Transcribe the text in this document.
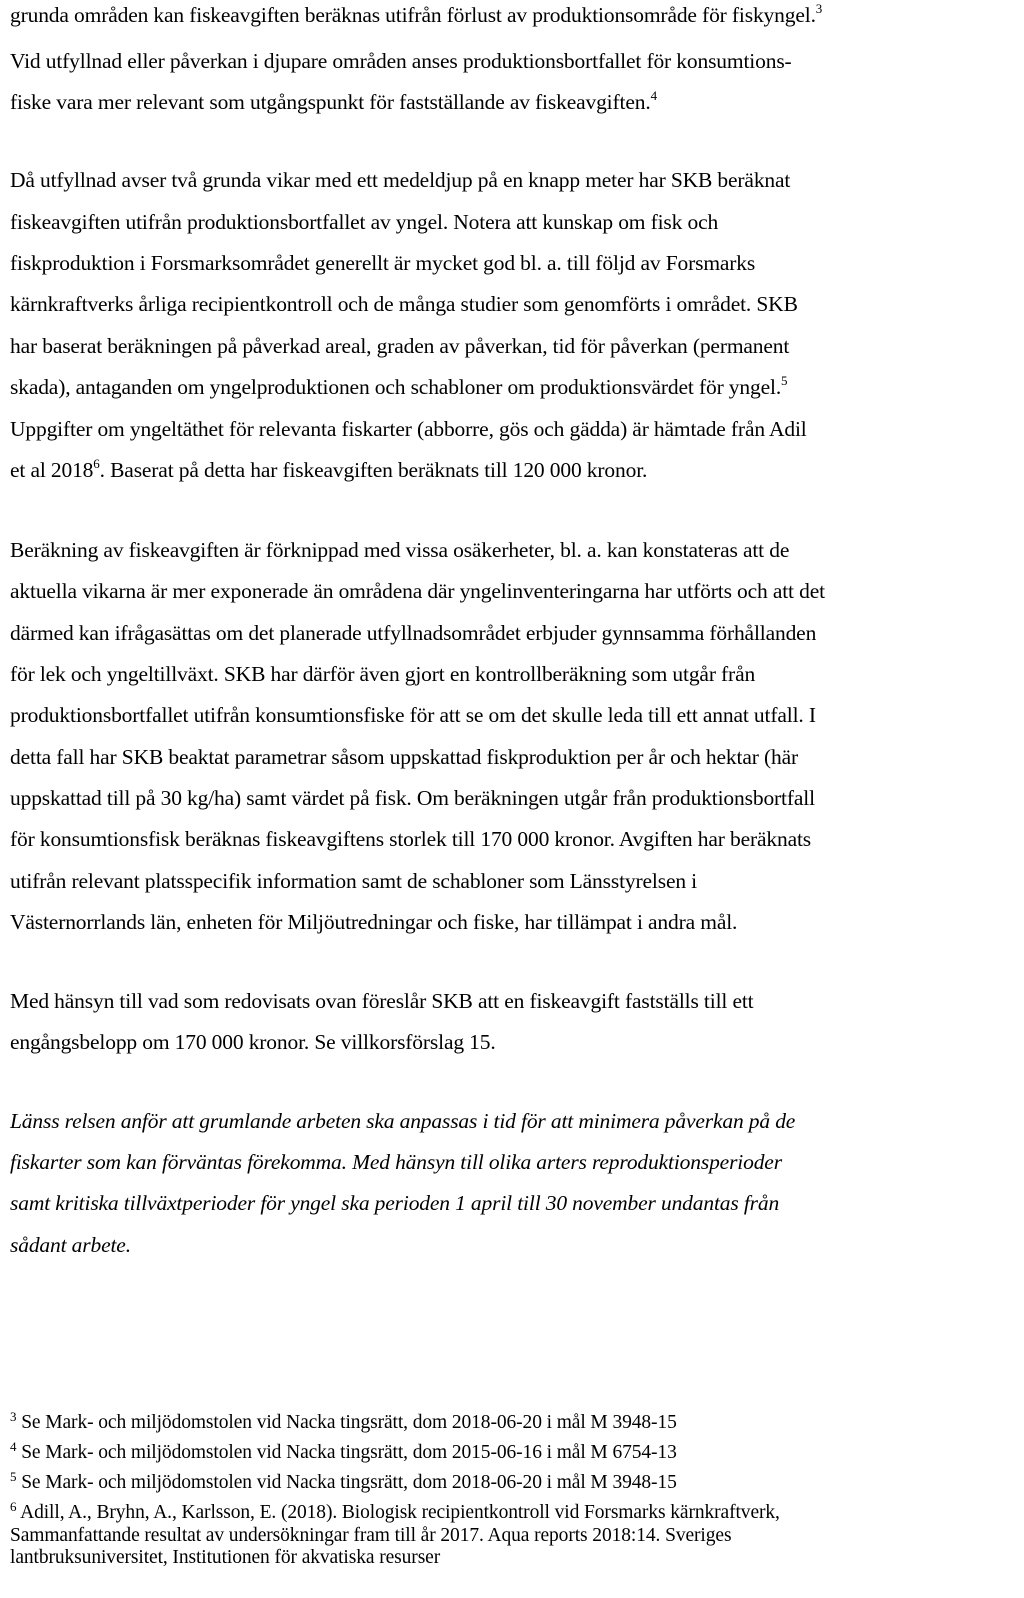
grunda områden kan fiskeavgiften beräknas utifrån förlust av produktionsområde för fiskyngel.$^3$
Vid utfyllnad eller påverkan i djupare områden anses produktionsbortfallet för konsumtions-
fiske vara mer relevant som utgångspunkt för fastställande av fiskeavgiften.$^4$
Då utfyllnad avser två grunda vikar med ett medeldjup på en knapp meter har SKB beräknat
fiskeavgiften utifrån produktionsbortfallet av yngel. Notera att kunskap om fisk och
fiskproduktion i Forsmarksområdet generellt är mycket god bl. a. till följd av Forsmarks
kärnkraftverks årliga recipientkontroll och de många studier som genomförts i området. SKB
har baserat beräkningen på påverkad areal, graden av påverkan, tid för påverkan (permanent
skada), antaganden om yngelproduktionen och schabloner om produktionsvärdet för yngel.$^5$
Uppgifter om yngeltäthet för relevanta fiskarter (abborre, gös och gädda) är hämtade från Adil
et al 2018$^6$. Baserat på detta har fiskeavgiften beräknats till 120 000 kronor.
Beräkning av fiskeavgiften är förknippad med vissa osäkerheter, bl. a. kan konstateras att de
aktuella vikarna är mer exponerade än områdena där yngelinventeringarna har utförts och att det
därmed kan ifrågasättas om det planerade utfyllnadsområdet erbjuder gynnsamma förhållanden
för lek och yngeltillväxt. SKB har därför även gjort en kontrollberäkning som utgår från
produktionsbortfallet utifrån konsumtionsfiske för att se om det skulle leda till ett annat utfall. I
detta fall har SKB beaktat parametrar såsom uppskattad fiskproduktion per år och hektar (här
uppskattad till på 30 kg/ha) samt värdet på fisk. Om beräkningen utgår från produktionsbortfall
för konsumtionsfisk beräknas fiskeavgiftens storlek till 170 000 kronor. Avgiften har beräknats
utifrån relevant platsspecifik information samt de schabloner som Länsstyrelsen i
Västernorrlands län, enheten för Miljöutredningar och fiske, har tillämpat i andra mål.
Med hänsyn till vad som redovisats ovan föreslår SKB att en fiskeavgift fastställs till ett
engångsbelopp om 170 000 kronor. Se villkorsförslag 15.
Länss relsen anför att grumlande arbeten ska anpassas i tid för att minimera påverkan på de
fiskarter som kan förväntas förekomma. Med hänsyn till olika arters reproduktionsperioder
samt kritiska tillväxtperioder för yngel ska perioden 1 april till 30 november undantas från
sådant arbete.
$^3$ Se Mark- och miljödomstolen vid Nacka tingsrätt, dom 2018-06-20 i mål M 3948-15
$^4$ Se Mark- och miljödomstolen vid Nacka tingsrätt, dom 2015-06-16 i mål M 6754-13
$^5$ Se Mark- och miljödomstolen vid Nacka tingsrätt, dom 2018-06-20 i mål M 3948-15
$^6$ Adill, A., Bryhn, A., Karlsson, E. (2018). Biologisk recipientkontroll vid Forsmarks kärnkraftverk,
Sammanfattande resultat av undersökningar fram till år 2017. Aqua reports 2018:14. Sveriges
lantbruksuniversitet, Institutionen för akvatiska resurser
